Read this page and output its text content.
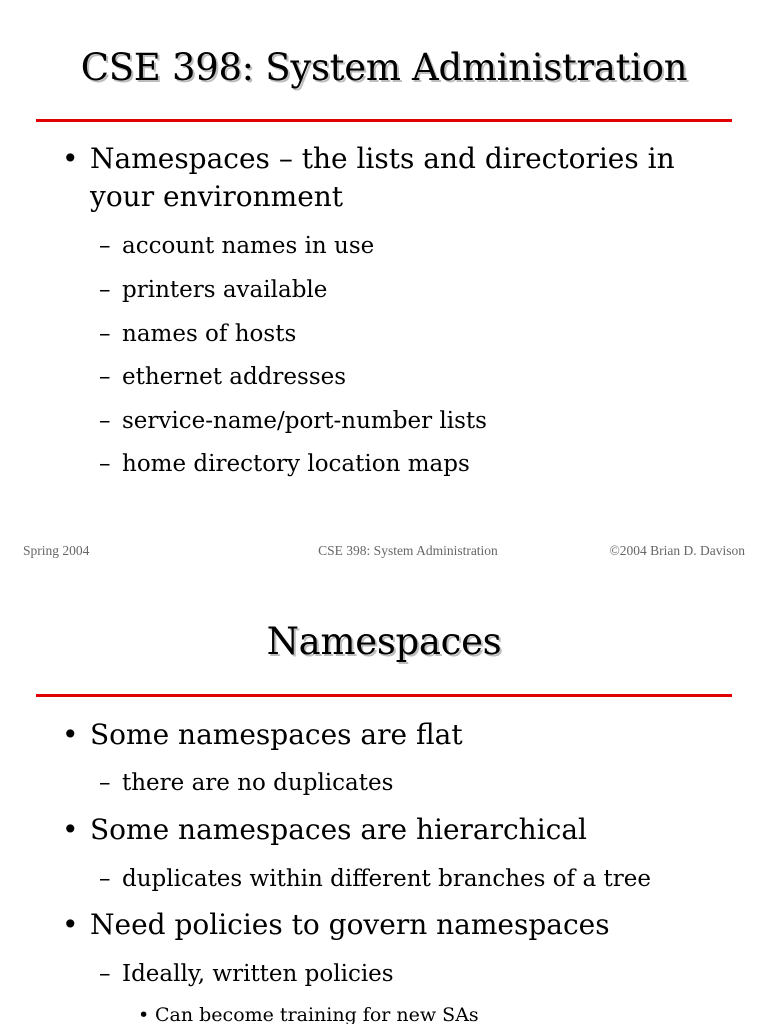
CSE 398: System Administration
• Namespaces – the lists and directories in your environment
– account names in use
– printers available
– names of hosts
– ethernet addresses
– service-name/port-number lists
– home directory location maps
Spring 2004	CSE 398: System Administration	©2004 Brian D. Davison
Namespaces
• Some namespaces are flat
– there are no duplicates
• Some namespaces are hierarchical
– duplicates within different branches of a tree
• Need policies to govern namespaces
– Ideally, written policies
• Can become training for new SAs
